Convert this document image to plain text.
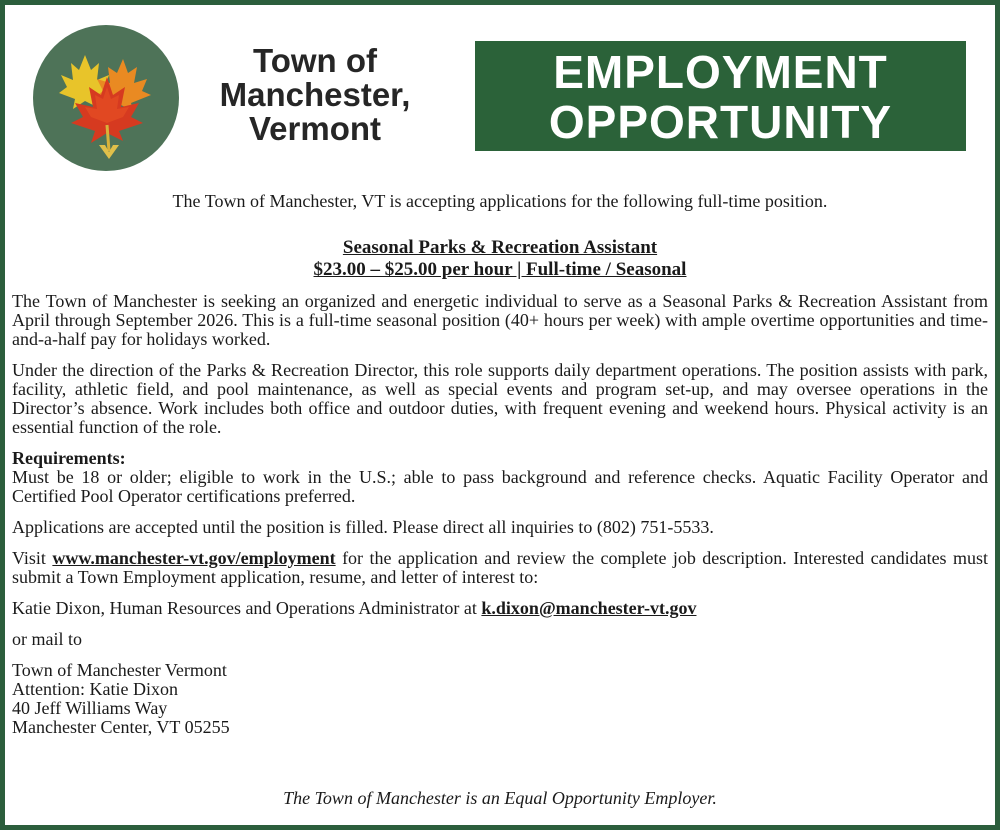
Town of
Manchester,
Vermont
EMPLOYMENT
OPPORTUNITY
The Town of Manchester, VT is accepting applications for the following full-time position.
Seasonal Parks & Recreation Assistant
$23.00 – $25.00 per hour | Full-time / Seasonal

The Town of Manchester is seeking an organized and energetic individual to serve as a Seasonal Parks & Recreation Assistant from April through September 2026. This is a full-time seasonal position (40+ hours per week) with ample overtime opportunities and time-and-a-half pay for holidays worked.

Under the direction of the Parks & Recreation Director, this role supports daily department operations. The position assists with park, facility, athletic field, and pool maintenance, as well as special events and program set-up, and may oversee operations in the Director’s absence. Work includes both office and outdoor duties, with frequent evening and weekend hours. Physical activity is an essential function of the role.

Requirements:
Must be 18 or older; eligible to work in the U.S.; able to pass background and reference checks. Aquatic Facility Operator and Certified Pool Operator certifications preferred.

Applications are accepted until the position is filled. Please direct all inquiries to (802) 751-5533.

Visit www.manchester-vt.gov/employment for the application and review the complete job description. Interested candidates must submit a Town Employment application, resume, and letter of interest to:

Katie Dixon, Human Resources and Operations Administrator at k.dixon@manchester-vt.gov

or mail to

Town of Manchester Vermont
Attention: Katie Dixon
40 Jeff Williams Way
Manchester Center, VT 05255
The Town of Manchester is an Equal Opportunity Employer.
